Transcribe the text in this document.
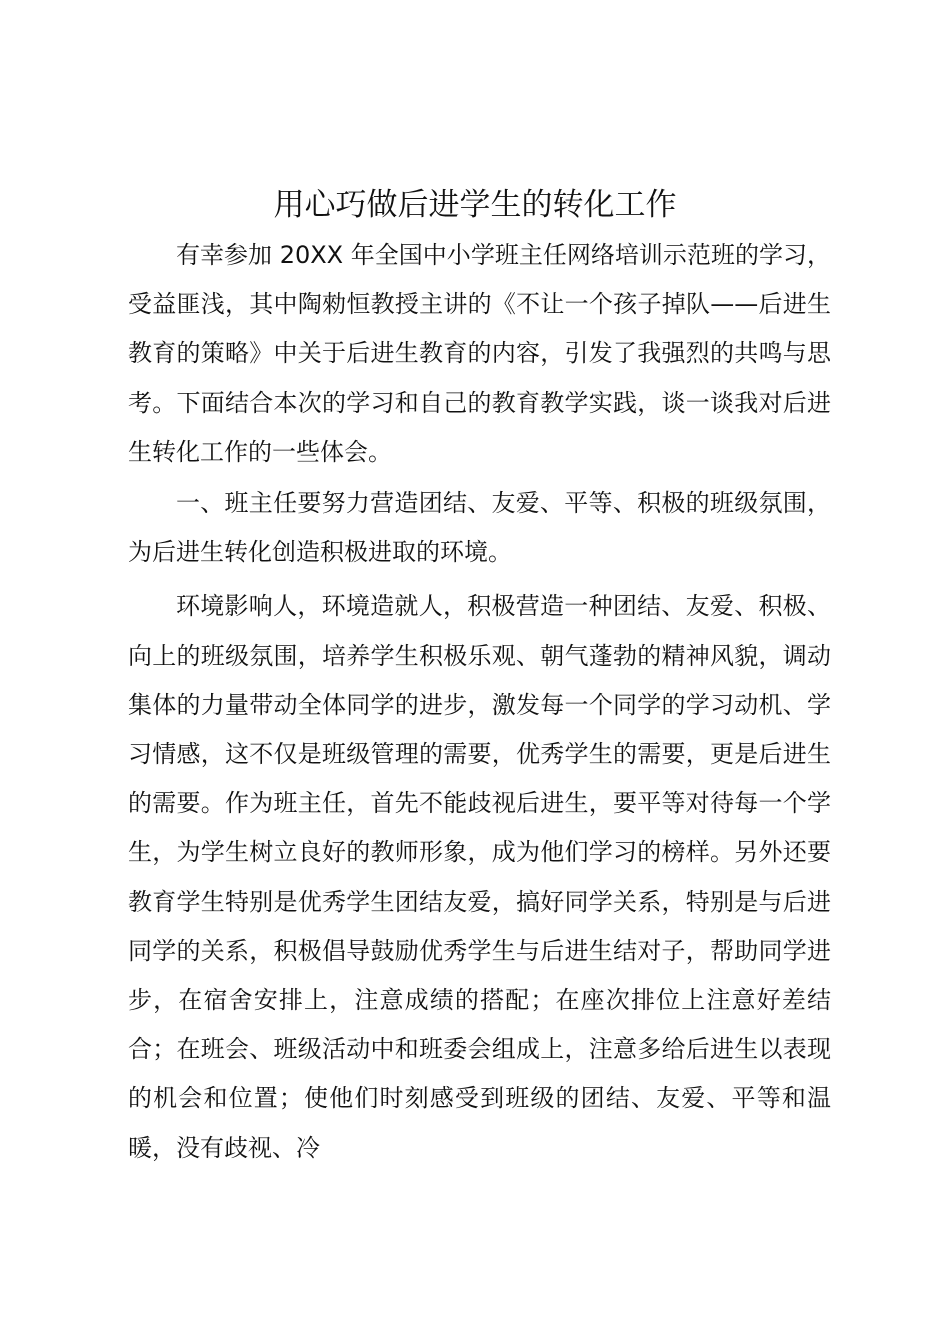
用心巧做后进学生的转化工作

有幸参加 20XX 年全国中小学班主任网络培训示范班的学习，受益匪浅，其中陶勑恒教授主讲的《不让一个孩子掉队——后进生教育的策略》中关于后进生教育的内容，引发了我强烈的共鸣与思考。下面结合本次的学习和自己的教育教学实践，谈一谈我对后进生转化工作的一些体会。

一、班主任要努力营造团结、友爱、平等、积极的班级氛围，为后进生转化创造积极进取的环境。

环境影响人，环境造就人，积极营造一种团结、友爱、积极、向上的班级氛围，培养学生积极乐观、朝气蓬勃的精神风貌，调动集体的力量带动全体同学的进步，激发每一个同学的学习动机、学习情感，这不仅是班级管理的需要，优秀学生的需要，更是后进生的需要。作为班主任，首先不能歧视后进生，要平等对待每一个学生，为学生树立良好的教师形象，成为他们学习的榜样。另外还要教育学生特别是优秀学生团结友爱，搞好同学关系，特别是与后进同学的关系，积极倡导鼓励优秀学生与后进生结对子，帮助同学进步，在宿舍安排上，注意成绩的搭配；在座次排位上注意好差结合；在班会、班级活动中和班委会组成上，注意多给后进生以表现的机会和位置；使他们时刻感受到班级的团结、友爱、平等和温暖，没有歧视、冷
